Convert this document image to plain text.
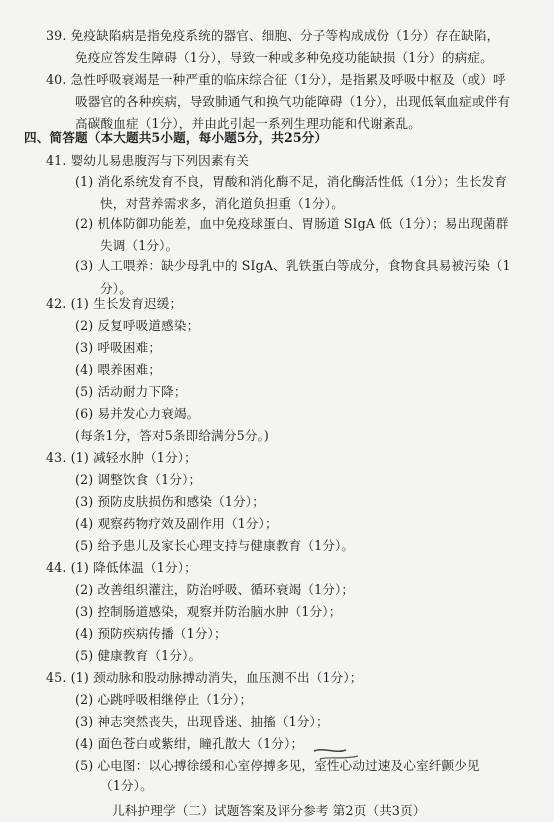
39. 免疫缺陷病是指免疫系统的器官、细胞、分子等构成成份（1分）存在缺陷，
免疫应答发生障碍（1分），导致一种或多种免疫功能缺损（1分）的病症。
40. 急性呼吸衰竭是一种严重的临床综合征（1分），是指累及呼吸中枢及（或）呼
吸器官的各种疾病，导致肺通气和换气功能障碍（1分），出现低氧血症或伴有
高碳酸血症（1分），并由此引起一系列生理功能和代谢紊乱。
四、简答题（本大题共5小题，每小题5分，共25分）
41. 婴幼儿易患腹泻与下列因素有关
(1) 消化系统发育不良，胃酸和消化酶不足，消化酶活性低（1分）；生长发育
快，对营养需求多，消化道负担重（1分）。
(2) 机体防御功能差，血中免疫球蛋白、胃肠道 SIgA 低（1分）；易出现菌群
失调（1分）。
(3) 人工喂养：缺少母乳中的 SIgA、乳铁蛋白等成分，食物食具易被污染（1
分）。
42. (1) 生长发育迟缓；
(2) 反复呼吸道感染；
(3) 呼吸困难；
(4) 喂养困难；
(5) 活动耐力下降；
(6) 易并发心力衰竭。
(每条1分，答对5条即给满分5分。)
43. (1) 减轻水肿（1分）；
(2) 调整饮食（1分）；
(3) 预防皮肤损伤和感染（1分）；
(4) 观察药物疗效及副作用（1分）；
(5) 给予患儿及家长心理支持与健康教育（1分）。
44. (1) 降低体温（1分）；
(2) 改善组织灌注，防治呼吸、循环衰竭（1分）；
(3) 控制肠道感染，观察并防治脑水肿（1分）；
(4) 预防疾病传播（1分）；
(5) 健康教育（1分）。
45. (1) 颈动脉和股动脉搏动消失，血压测不出（1分）；
(2) 心跳呼吸相继停止（1分）；
(3) 神志突然丧失，出现昏迷、抽搐（1分）；
(4) 面色苍白或紫绀，瞳孔散大（1分）；
(5) 心电图：以心搏徐缓和心室停搏多见，室性心动过速及心室纤颤少见
（1分）。
儿科护理学（二）试题答案及评分参考 第2页（共3页）
